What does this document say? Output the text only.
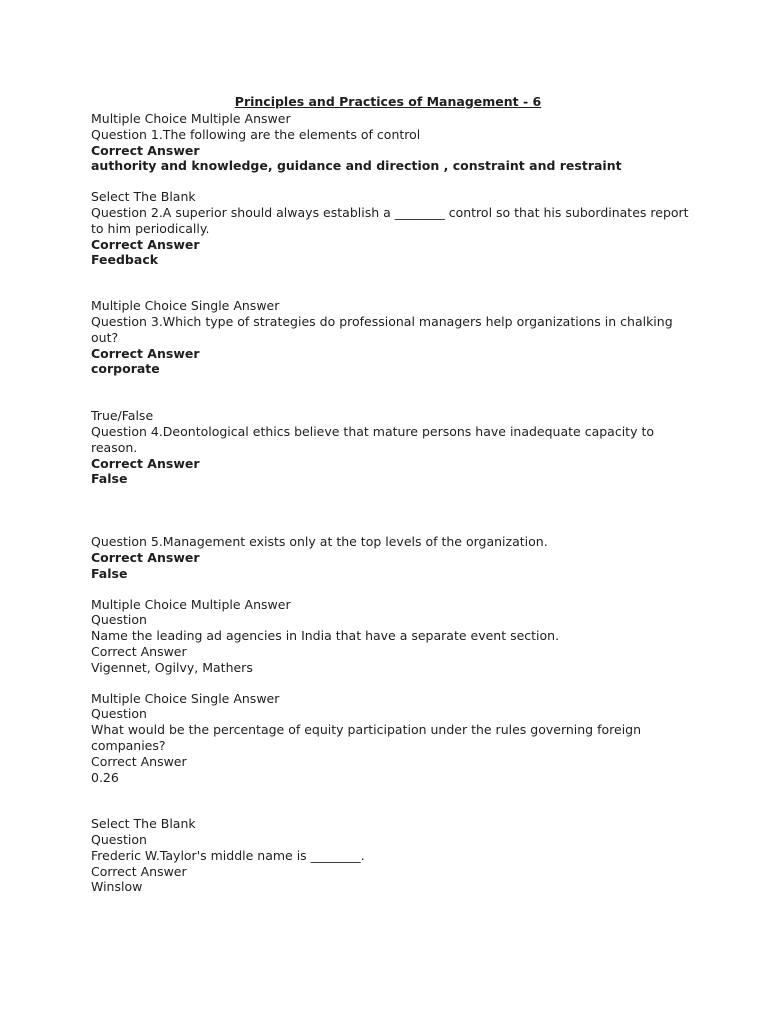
Principles and Practices of Management - 6
Multiple Choice Multiple Answer
Question 1.The following are the elements of control
Correct Answer
authority and knowledge, guidance and direction , constraint and restraint
Select The Blank
Question 2.A superior should always establish a ________ control so that his subordinates report to him periodically.
Correct Answer
Feedback
Multiple Choice Single Answer
Question 3.Which type of strategies do professional managers help organizations in chalking out?
Correct Answer
corporate
True/False
Question 4.Deontological ethics believe that mature persons have inadequate capacity to reason.
Correct Answer
False
Question 5.Management exists only at the top levels of the organization.
Correct Answer
False
Multiple Choice Multiple Answer
Question
Name the leading ad agencies in India that have a separate event section.
Correct Answer
Vigennet, Ogilvy, Mathers
Multiple Choice Single Answer
Question
What would be the percentage of equity participation under the rules governing foreign companies?
Correct Answer
0.26
Select The Blank
Question
Frederic W.Taylor's middle name is ________.
Correct Answer
Winslow
